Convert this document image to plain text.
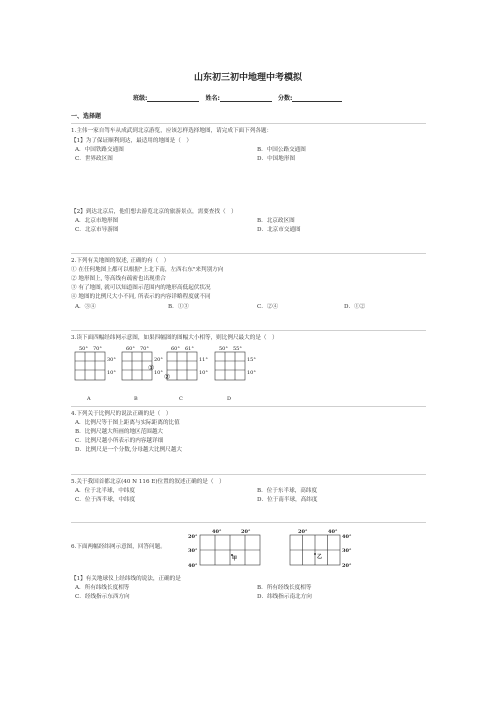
山东初三初中地理中考模拟
班级:	姓名:	分数:
一、选择题
1.主伟一家自驾车从成武到北京游览，应该怎样选择地图，请完成下面下列各题：
【1】为了保证顺利到达，最适用的地图是（　）
A．中国铁路交通图	B．中国公路交通图
C．世界政区图	D．中国地形图
【2】到达北京后，他们想去游览北京的旅游景点，需要查找（　）
A．北京市地形图	B．北京政区图
C．北京市导游图	D．北京市交通图
2.下列有关地图的叙述, 正确的有（　）
① 在任何地图上都可以根据"上北下南，左西右东"来判别方向
② 地形图上, 等高线有疏密也出现重合
③ 有了地图, 就可以知道图示范围内的地形高低起伏状况
④ 地图的比例尺大小不同, 所表示的内容详略程度就不同
A．③④	B．①③	C．②④	D．①②
3.读下面四幅经纬网示意图，如果四幅图的图幅大小相等，则比例尺最大的是（　）
50° 70°
30°
10°
A
60° 70°
20°
10°
①
B
60° 61°
11°
10°
②
C
50° 55°
15°
10°
D
4.下列关于比例尺的说法正确的是（　）
A．比例尺等于图上距离与实际距离的比值
B．比例尺越大所画的地区范围越大
C．比例尺越小所表示的内容越详细
D．比例尺是一个分数,分母越大比例尺越大
5.关于我国首都北京(40 N 116 E)位置的叙述正确的是（　）
A．位于北半球，中纬度	B．位于东半球，高纬度
C．位于西半球，中纬度	D．位于南半球，高纬度
6.下面两幅经纬网示意图，回答问题。
40°	20°
20°
30°
40°
甲
20°	40°
40°
30°
20°
乙
【1】有关地球仪上经纬线的说法，正确的是
A．所有纬线长度相等	B．所有经线长度相等
C．经线指示东西方向	D．纬线指示南北方向
